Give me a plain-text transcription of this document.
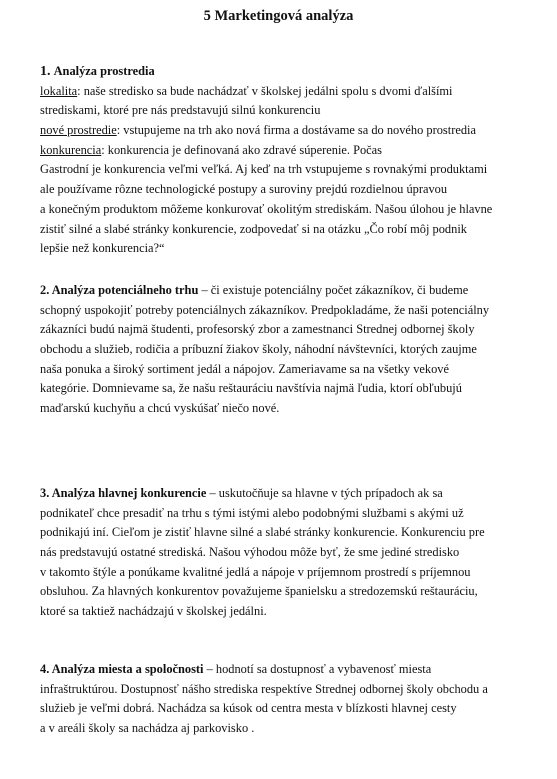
5 Marketingová analýza
1. Analýza prostredia
lokalita: naše stredisko sa bude nachádzať v školskej jedálni spolu s dvomi ďalšími
strediskami, ktoré pre nás predstavujú silnú konkurenciu
nové prostredie: vstupujeme na trh ako nová firma a dostávame sa do nového prostredia
konkurencia: konkurencia je definovaná ako zdravé súperenie. Počas
Gastrodní je konkurencia veľmi veľká. Aj keď na trh vstupujeme s rovnakými produktami
ale používame rôzne technologické postupy a suroviny prejdú rozdielnou úpravou
a konečným produktom môžeme konkurovať okolitým strediskám. Našou úlohou je hlavne
zistiť silné a slabé stránky konkurencie, zodpovedať si na otázku „Čo robí môj podnik
lepšie než konkurencia?“
2. Analýza potenciálneho trhu – či existuje potenciálny počet zákazníkov, či budeme
schopný uspokojiť potreby potenciálnych zákazníkov. Predpokladáme, že naši potenciálny
zákazníci budú najmä študenti, profesorský zbor a zamestnanci Strednej odbornej školy
obchodu a služieb, rodičia a príbuzní žiakov školy, náhodní návštevníci, ktorých zaujme
naša ponuka a široký sortiment jedál a nápojov. Zameriavame sa na všetky vekové
kategórie. Domnievame sa, že našu reštauráciu navštívia najmä ľudia, ktorí obľubujú
maďarskú kuchyňu a chcú vyskúšať niečo nové.
3. Analýza hlavnej konkurencie – uskutočňuje sa hlavne v tých prípadoch ak sa
podnikateľ chce presadiť na trhu s tými istými alebo podobnými službami s akými už
podnikajú iní. Cieľom je zistiť hlavne silné a slabé stránky konkurencie. Konkurenciu pre
nás predstavujú ostatné strediská. Našou výhodou môže byť, že sme jediné stredisko
v takomto štýle a ponúkame kvalitné jedlá a nápoje v príjemnom prostredí s príjemnou
obsluhou. Za hlavných konkurentov považujeme španielsku a stredozemskú reštauráciu,
ktoré sa taktiež nachádzajú v školskej jedálni.
4. Analýza miesta a spoločnosti – hodnotí sa dostupnosť a vybavenosť miesta
infraštruktúrou. Dostupnosť nášho strediska respektíve Strednej odbornej školy obchodu a
služieb je veľmi dobrá. Nachádza sa kúsok od centra mesta v blízkosti hlavnej cesty
a v areáli školy sa nachádza aj parkovisko .
